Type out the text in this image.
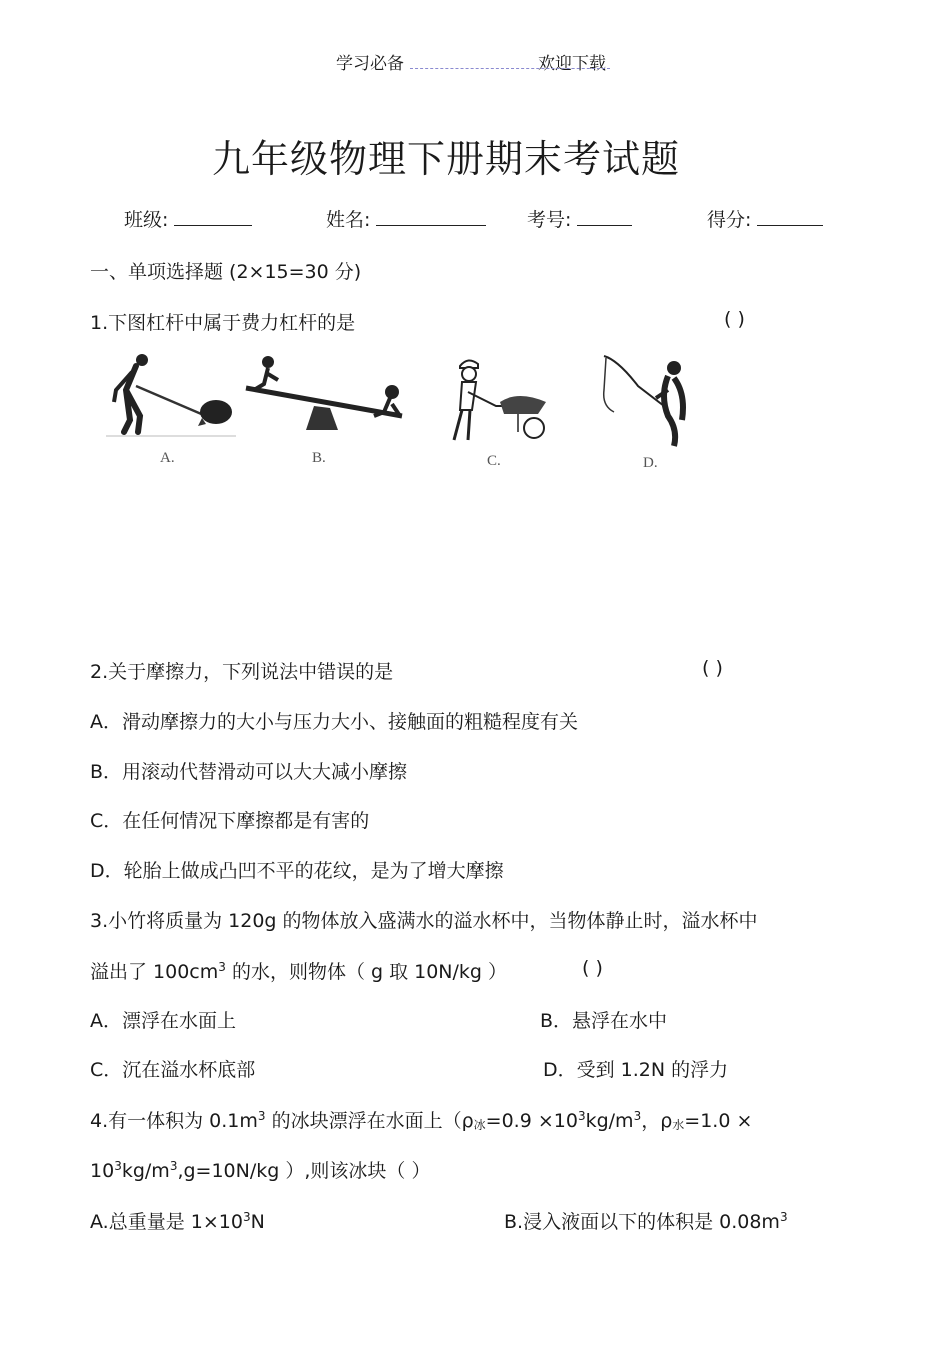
学习必备	欢迎下载
九年级物理下册期末考试题
班级:	姓名:	考号:	得分:
一、单项选择题 (2×15=30 分)
1.下图杠杆中属于费力杠杆的是	( )
A.	B.	C.	D.
2.关于摩擦力，下列说法中错误的是	( )
A．滑动摩擦力的大小与压力大小、接触面的粗糙程度有关
B．用滚动代替滑动可以大大减小摩擦
C．在任何情况下摩擦都是有害的
D．轮胎上做成凸凹不平的花纹，是为了增大摩擦
3.小竹将质量为 120g 的物体放入盛满水的溢水杯中，当物体静止时，溢水杯中
溢出了 $100cm^3$ 的水，则物体（ g 取 10N/kg ）	( )
A．漂浮在水面上	B．悬浮在水中
C．沉在溢水杯底部	D．受到 1.2N 的浮力
4.有一体积为 $0.1m^3$ 的冰块漂浮在水面上（ρ冰$=0.9 \times 10^3kg/m^3$，ρ水=1.0 ×
$10^3kg/m^3,g=10N/kg$ ）,则该冰块（ ）
A.总重量是 $1\times 10^3N$	B.浸入液面以下的体积是 $0.08m^3$
